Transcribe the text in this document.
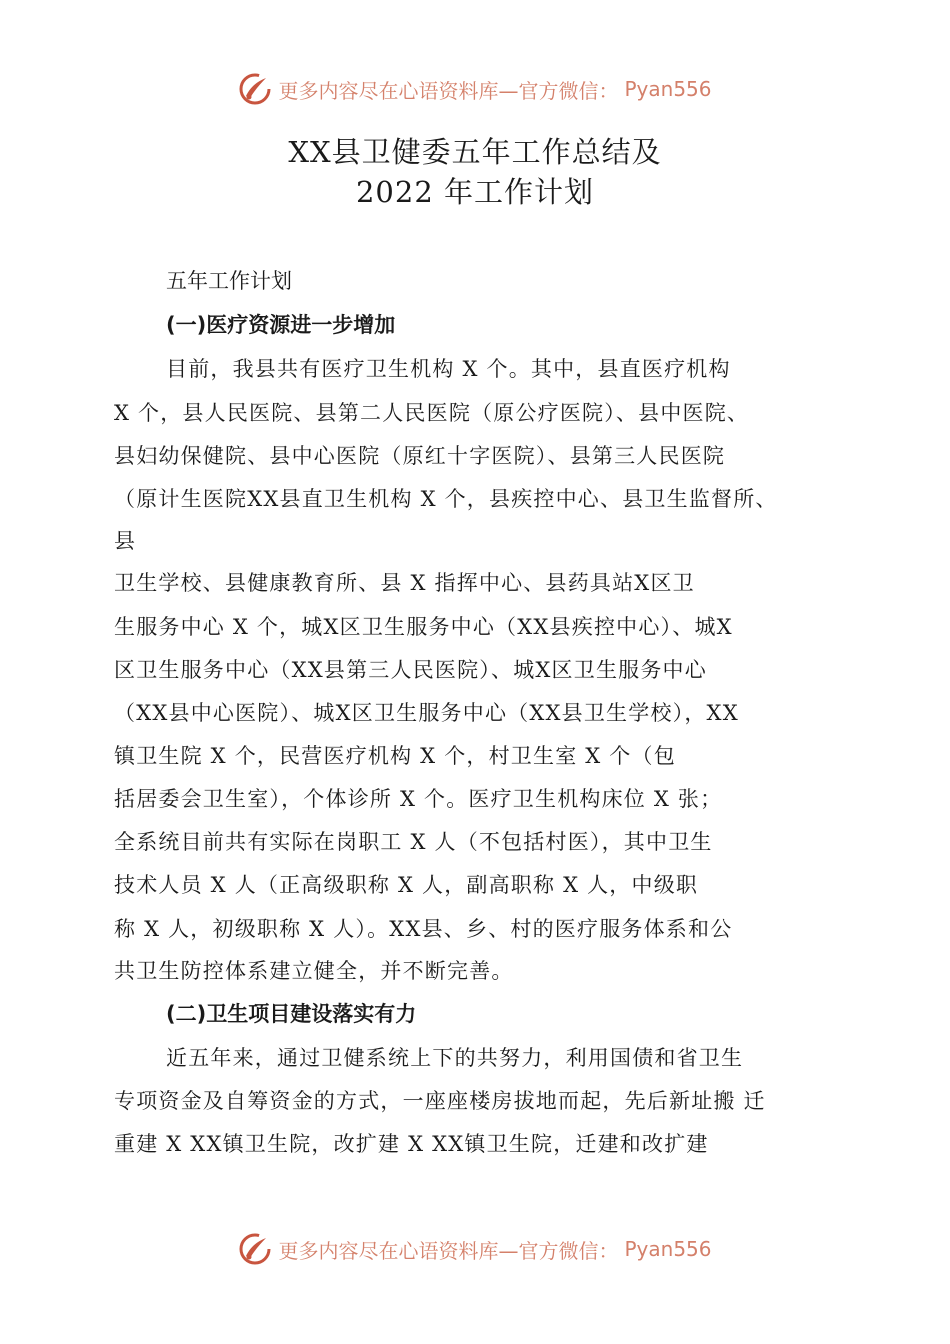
更多内容尽在心语资料库—官方微信： Pyan556
XX县卫健委五年工作总结及
2022 年工作计划
五年工作计划
(一)医疗资源进一步增加
目前，我县共有医疗卫生机构 X 个。其中，县直医疗机构
X 个，县人民医院、县第二人民医院（原公疗医院）、县中医院、
县妇幼保健院、县中心医院（原红十字医院）、县第三人民医院
（原计生医院XX县直卫生机构 X 个，县疾控中心、县卫生监督所、
县
卫生学校、县健康教育所、县 X 指挥中心、县药具站X区卫
生服务中心 X 个，城X区卫生服务中心（XX县疾控中心）、城X
区卫生服务中心（XX县第三人民医院）、城X区卫生服务中心
（XX县中心医院）、城X区卫生服务中心（XX县卫生学校），XX
镇卫生院 X 个，民营医疗机构 X 个，村卫生室 X 个（包
括居委会卫生室），个体诊所 X 个。医疗卫生机构床位 X 张；
全系统目前共有实际在岗职工 X 人（不包括村医），其中卫生
技术人员 X 人（正高级职称 X 人，副高职称 X 人，中级职
称 X 人，初级职称 X 人）。XX县、乡、村的医疗服务体系和公
共卫生防控体系建立健全，并不断完善。
(二)卫生项目建设落实有力
近五年来，通过卫健系统上下的共努力，利用国债和省卫生
专项资金及自筹资金的方式，一座座楼房拔地而起，先后新址搬 迁
重建 X XX镇卫生院，改扩建 X XX镇卫生院，迁建和改扩建
更多内容尽在心语资料库—官方微信： Pyan556
